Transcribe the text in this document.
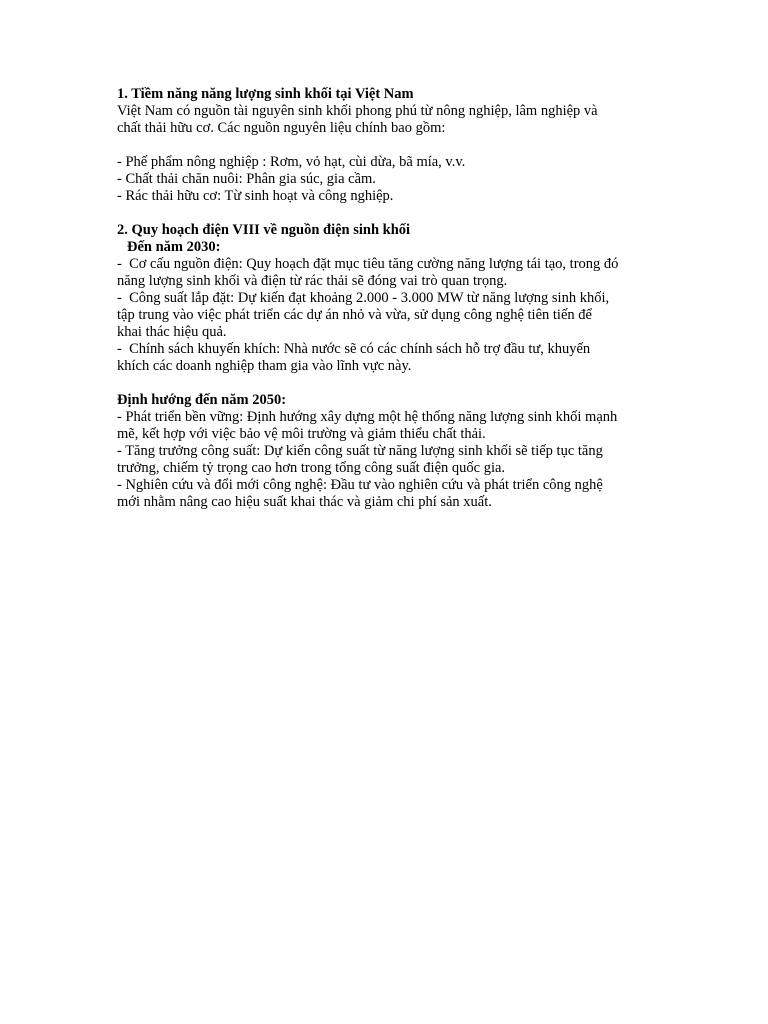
1. Tiềm năng năng lượng sinh khối tại Việt Nam
Việt Nam có nguồn tài nguyên sinh khối phong phú từ nông nghiệp, lâm nghiệp và
chất thải hữu cơ. Các nguồn nguyên liệu chính bao gồm:
- Phế phẩm nông nghiệp : Rơm, vỏ hạt, cùi dừa, bã mía, v.v.
- Chất thải chăn nuôi: Phân gia súc, gia cầm.
- Rác thải hữu cơ: Từ sinh hoạt và công nghiệp.
2. Quy hoạch điện VIII về nguồn điện sinh khối
Đến năm 2030:
-  Cơ cấu nguồn điện: Quy hoạch đặt mục tiêu tăng cường năng lượng tái tạo, trong đó
năng lượng sinh khối và điện từ rác thải sẽ đóng vai trò quan trọng.
-  Công suất lắp đặt: Dự kiến đạt khoảng 2.000 - 3.000 MW từ năng lượng sinh khối,
tập trung vào việc phát triển các dự án nhỏ và vừa, sử dụng công nghệ tiên tiến để
khai thác hiệu quả.
-  Chính sách khuyến khích: Nhà nước sẽ có các chính sách hỗ trợ đầu tư, khuyến
khích các doanh nghiệp tham gia vào lĩnh vực này.
Định hướng đến năm 2050:
- Phát triển bền vững: Định hướng xây dựng một hệ thống năng lượng sinh khối mạnh
mẽ, kết hợp với việc bảo vệ môi trường và giảm thiểu chất thải.
- Tăng trưởng công suất: Dự kiến công suất từ năng lượng sinh khối sẽ tiếp tục tăng
trưởng, chiếm tỷ trọng cao hơn trong tổng công suất điện quốc gia.
- Nghiên cứu và đổi mới công nghệ: Đầu tư vào nghiên cứu và phát triển công nghệ
mới nhằm nâng cao hiệu suất khai thác và giảm chi phí sản xuất.
